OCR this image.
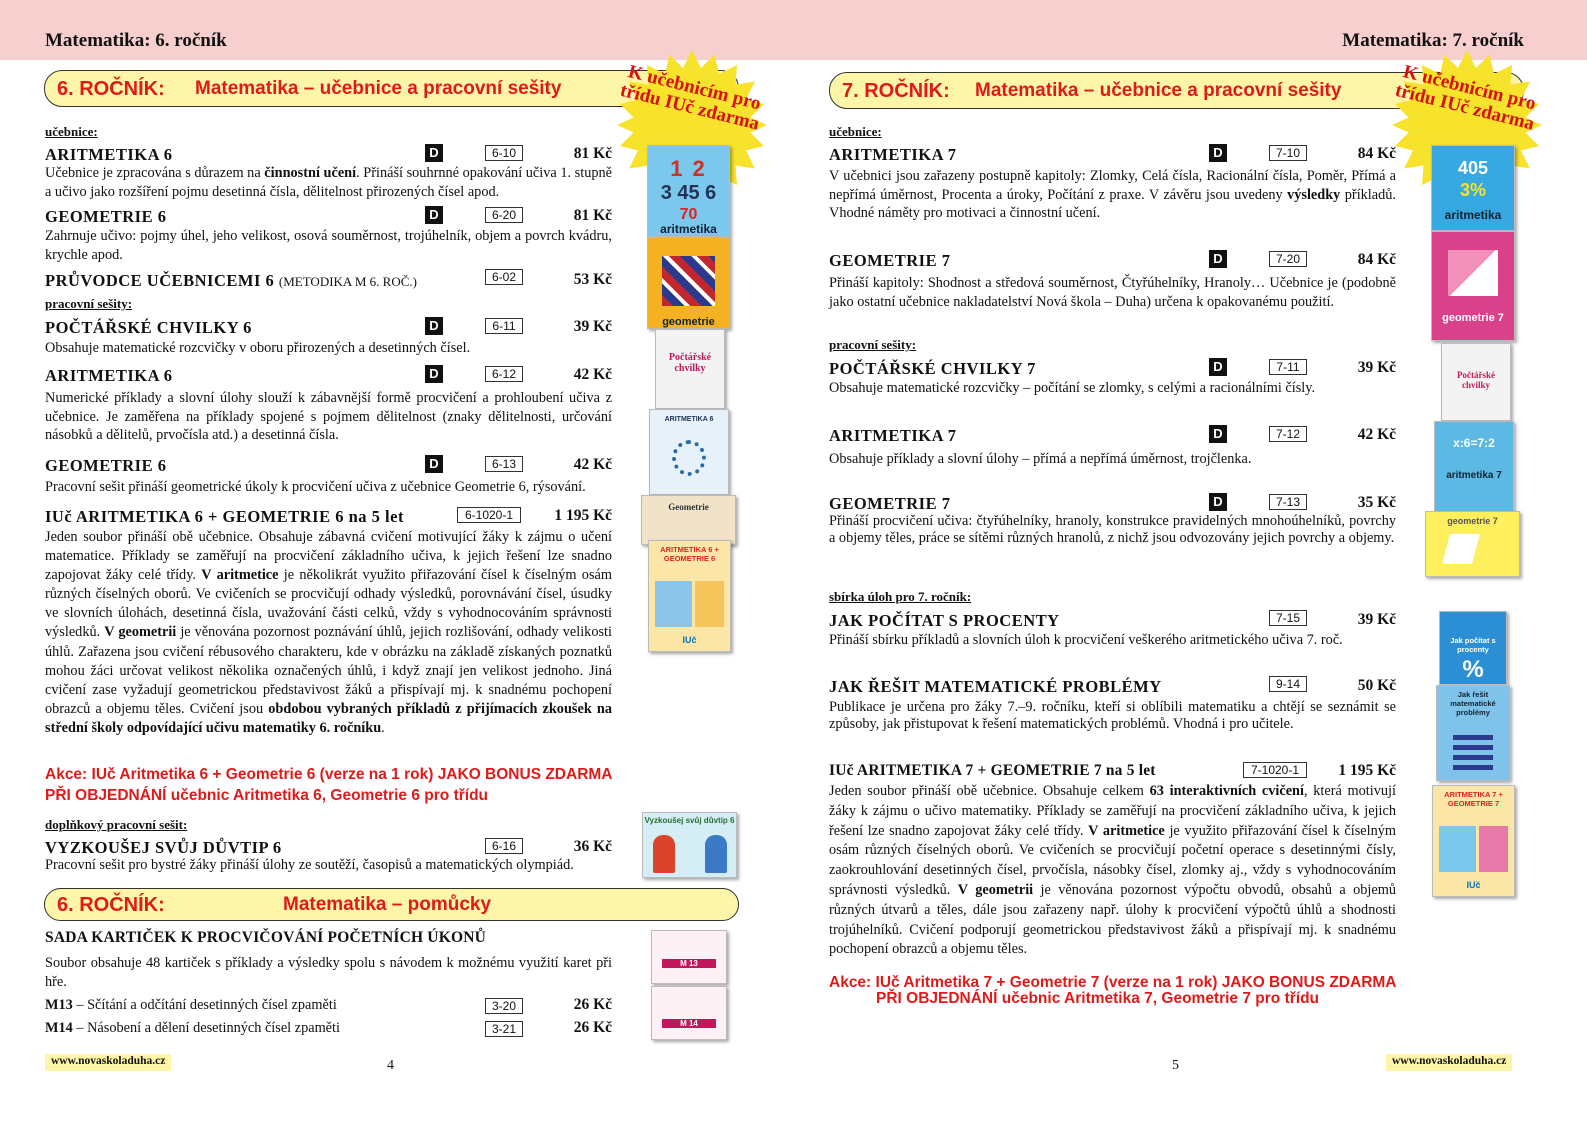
Matematika: 6. ročník	Matematika: 7. ročník
6. ROČNÍK: Matematika – učebnice a pracovní sešity	K učebnicím pro třídu IUč zdarma
učebnice:
ARITMETIKA 6	D	6-10	81 Kč
Učebnice je zpracována s důrazem na činnostní učení. Přináší souhrnné opakování učiva 1. stupně a učivo jako rozšíření pojmu desetinná čísla, dělitelnost přirozených čísel apod.
GEOMETRIE 6	D	6-20	81 Kč
Zahrnuje učivo: pojmy úhel, jeho velikost, osová souměrnost, trojúhelník, objem a povrch kvádru, krychle apod.
PRŮVODCE UČEBNICEMI 6 (METODIKA M 6. ROČ.)	6-02	53 Kč
pracovní sešity:
POČTÁŘSKÉ CHVILKY 6	D	6-11	39 Kč
Obsahuje matematické rozcvičky v oboru přirozených a desetinných čísel.
ARITMETIKA 6	D	6-12	42 Kč
Numerické příklady a slovní úlohy slouží k zábavnější formě procvičení a prohloubení učiva z učebnice. Je zaměřena na příklady spojené s pojmem dělitelnost (znaky dělitelnosti, určování násobků a dělitelů, prvočísla atd.) a desetinná čísla.
GEOMETRIE 6	D	6-13	42 Kč
Pracovní sešit přináší geometrické úkoly k procvičení učiva z učebnice Geometrie 6, rýsování.
IUč ARITMETIKA 6 + GEOMETRIE 6 na 5 let	6-1020-1	1 195 Kč
Jeden soubor přináší obě učebnice. Obsahuje zábavná cvičení motivující žáky k zájmu o učení matematice. Příklady se zaměřují na procvičení základního učiva, k jejich řešení lze snadno zapojovat žáky celé třídy. V aritmetice je několikrát využito přiřazování čísel k číselným osám různých číselných oborů. Ve cvičeních se procvičují odhady výsledků, porovnávání čísel, úsudky ve slovních úlohách, desetinná čísla, uvažování části celků, vždy s vyhodnocováním správnosti výsledků. V geometrii je věnována pozornost poznávání úhlů, jejich rozlišování, odhady velikosti úhlů. Zařazena jsou cvičení rébusového charakteru, kde v obrázku na základě získaných poznatků mohou žáci určovat velikost několika označených úhlů, i když znají jen velikost jednoho. Jiná cvičení zase vyžadují geometrickou představivost žáků a přispívají mj. k snadnému pochopení obrazců a objemu těles. Cvičení jsou obdobou vybraných příkladů z přijímacích zkoušek na střední školy odpovídající učivu matematiky 6. ročníku.
Akce: IUč Aritmetika 6 + Geometrie 6 (verze na 1 rok) JAKO BONUS ZDARMA
PŘI OBJEDNÁNÍ učebnic Aritmetika 6, Geometrie 6 pro třídu
doplňkový pracovní sešit:
VYZKOUŠEJ SVŮJ DŮVTIP 6	6-16	36 Kč
Pracovní sešit pro bystré žáky přináší úlohy ze soutěží, časopisů a matematických olympiád.
6. ROČNÍK:	Matematika – pomůcky
SADA KARTIČEK K PROCVIČOVÁNÍ POČETNÍCH ÚKONŮ
Soubor obsahuje 48 kartiček s příklady a výsledky spolu s návodem k možnému využití karet při hře.
M13 – Sčítání a odčítání desetinných čísel zpaměti	3-20	26 Kč
M14 – Násobení a dělení desetinných čísel zpaměti	3-21	26 Kč
1 2
3 45 6
70
aritmetika
geometrie
Počtářské chvilky
ARITMETIKA 6
Geometrie
ARITMETIKA 6 + GEOMETRIE 6
IUč
Vyzkoušej svůj důvtip 6
M 13
M 14
www.novaskoladuha.cz	4
7. ROČNÍK: Matematika – učebnice a pracovní sešity	K učebnicím pro třídu IUč zdarma
učebnice:
ARITMETIKA 7	D	7-10	84 Kč
V učebnici jsou zařazeny postupně kapitoly: Zlomky, Celá čísla, Racionální čísla, Poměr, Přímá a nepřímá úměrnost, Procenta a úroky, Počítání z praxe. V závěru jsou uvedeny výsledky příkladů. Vhodné náměty pro motivaci a činnostní učení.
GEOMETRIE 7	D	7-20	84 Kč
Přináší kapitoly: Shodnost a středová souměrnost, Čtyřúhelníky, Hranoly… Učebnice je (podobně jako ostatní učebnice nakladatelství Nová škola – Duha) určena k opakovanému použití.
pracovní sešity:
POČTÁŘSKÉ CHVILKY 7	D	7-11	39 Kč
Obsahuje matematické rozcvičky – počítání se zlomky, s celými a racionálními čísly.
ARITMETIKA 7	D	7-12	42 Kč
Obsahuje příklady a slovní úlohy – přímá a nepřímá úměrnost, trojčlenka.
GEOMETRIE 7	D	7-13	35 Kč
Přináší procvičení učiva: čtyřúhelníky, hranoly, konstrukce pravidelných mnohoúhelníků, povrchy a objemy těles, práce se sítěmi různých hranolů, z nichž jsou odvozovány jejich povrchy a objemy.
sbírka úloh pro 7. ročník:
JAK POČÍTAT S PROCENTY	7-15	39 Kč
Přináší sbírku příkladů a slovních úloh k procvičení veškerého aritmetického učiva 7. roč.
JAK ŘEŠIT MATEMATICKÉ PROBLÉMY	9-14	50 Kč
Publikace je určena pro žáky 7.–9. ročníku, kteří si oblíbili matematiku a chtějí se seznámit se způsoby, jak přistupovat k řešení matematických problémů. Vhodná i pro učitele.
IUč ARITMETIKA 7 + GEOMETRIE 7 na 5 let	7-1020-1	1 195 Kč
Jeden soubor přináší obě učebnice. Obsahuje celkem 63 interaktivních cvičení, která motivují žáky k zájmu o učivo matematiky. Příklady se zaměřují na procvičení základního učiva, k jejich řešení lze snadno zapojovat žáky celé třídy. V aritmetice je využito přiřazování čísel k číselným osám různých číselných oborů. Ve cvičeních se procvičují početní operace s desetinnými čísly, zaokrouhlování desetinných čísel, prvočísla, násobky čísel, zlomky aj., vždy s vyhodnocováním správnosti výsledků. V geometrii je věnována pozornost výpočtu obvodů, obsahů a objemů různých útvarů a těles, dále jsou zařazeny např. úlohy k procvičení výpočtů úhlů a shodnosti trojúhelníků. Cvičení podporují geometrickou představivost žáků a přispívají mj. k snadnému pochopení obrazců a objemu těles.
Akce: IUč Aritmetika 7 + Geometrie 7 (verze na 1 rok) JAKO BONUS ZDARMA
PŘI OBJEDNÁNÍ učebnic Aritmetika 7, Geometrie 7 pro třídu
405
3%
aritmetika
geometrie 7
Počtářské chvilky
x:6=7:2
aritmetika 7
geometrie 7
Jak počítat s procenty
%
Jak řešit matematické problémy
ARITMETIKA 7 + GEOMETRIE 7
IUč
www.novaskoladuha.cz
5
